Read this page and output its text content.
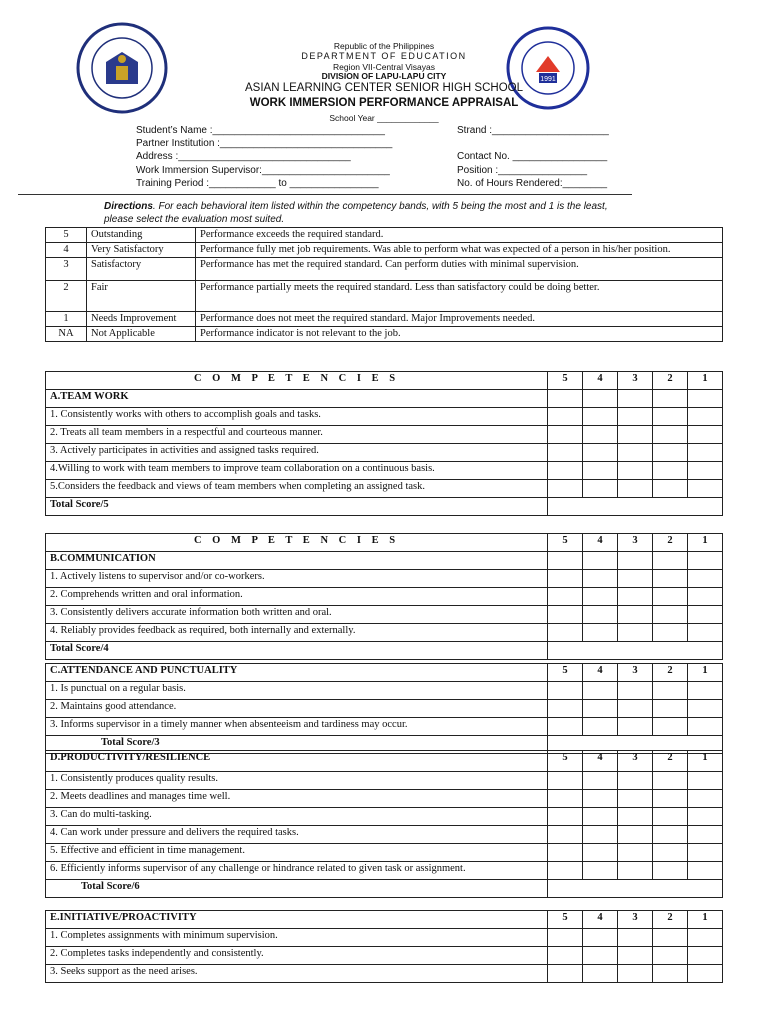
1991
Republic of the Philippines
DEPARTMENT OF EDUCATION
Region VII-Central Visayas
DIVISION OF LAPU-LAPU CITY
ASIAN LEARNING CENTER SENIOR HIGH SCHOOL
WORK IMMERSION PERFORMANCE APPRAISAL
School Year _____________
Student’s Name :_______________________________
Partner Institution :_______________________________
Address :_______________________________
Work Immersion Supervisor:_______________________
Training Period :____________ to ________________
Strand :_____________________
Contact No. _________________
Position :________________
No. of Hours Rendered:________
Directions. For each behavioral item listed within the competency bands, with 5 being the most and 1 is the least, please select the evaluation most suited.
5	Outstanding	Performance exceeds the required standard.
4	Very Satisfactory	Performance fully met job requirements. Was able to perform what was expected of a person in his/her position.
3	Satisfactory	Performance has met the required standard. Can perform duties with minimal supervision.
2	Fair	Performance partially meets the required standard. Less than satisfactory could be doing better.
1	Needs Improvement	Performance does not meet the required standard. Major Improvements needed.
NA	Not Applicable	Performance indicator is not relevant to the job.
C O M P E T E N C I E S	5	4	3	2	1
A.TEAM WORK					
1. Consistently works with others to accomplish goals and tasks.					
2. Treats all team members in a respectful and courteous manner.					
3. Actively participates in activities and assigned tasks required.					
4.Willing to work with team members to improve team collaboration on a continuous basis.					
5.Considers the feedback and views of team members when completing an assigned task.					
Total Score/5					
C O M P E T E N C I E S	5	4	3	2	1
B.COMMUNICATION					
1. Actively listens to supervisor and/or co-workers.					
2. Comprehends written and oral information.					
3. Consistently delivers accurate information both written and oral.					
4. Reliably provides feedback as required, both internally and externally.					
Total Score/4					
C.ATTENDANCE AND PUNCTUALITY	5	4	3	2	1
1. Is punctual on a regular basis.					
2. Maintains good attendance.					
3. Informs supervisor in a timely manner when absenteeism and tardiness may occur.					
Total Score/3					
D.PRODUCTIVITY/RESILIENCE	5	4	3	2	1
1. Consistently produces quality results.					
2. Meets deadlines and manages time well.					
3. Can do multi-tasking.					
4. Can work under pressure and delivers the required tasks.					
5. Effective and efficient in time management.					
6. Efficiently informs supervisor of any challenge or hindrance related to given task or assignment.					
Total Score/6					
E.INITIATIVE/PROACTIVITY	5	4	3	2	1
1. Completes assignments with minimum supervision.					
2. Completes tasks independently and consistently.					
3. Seeks support as the need arises.					
